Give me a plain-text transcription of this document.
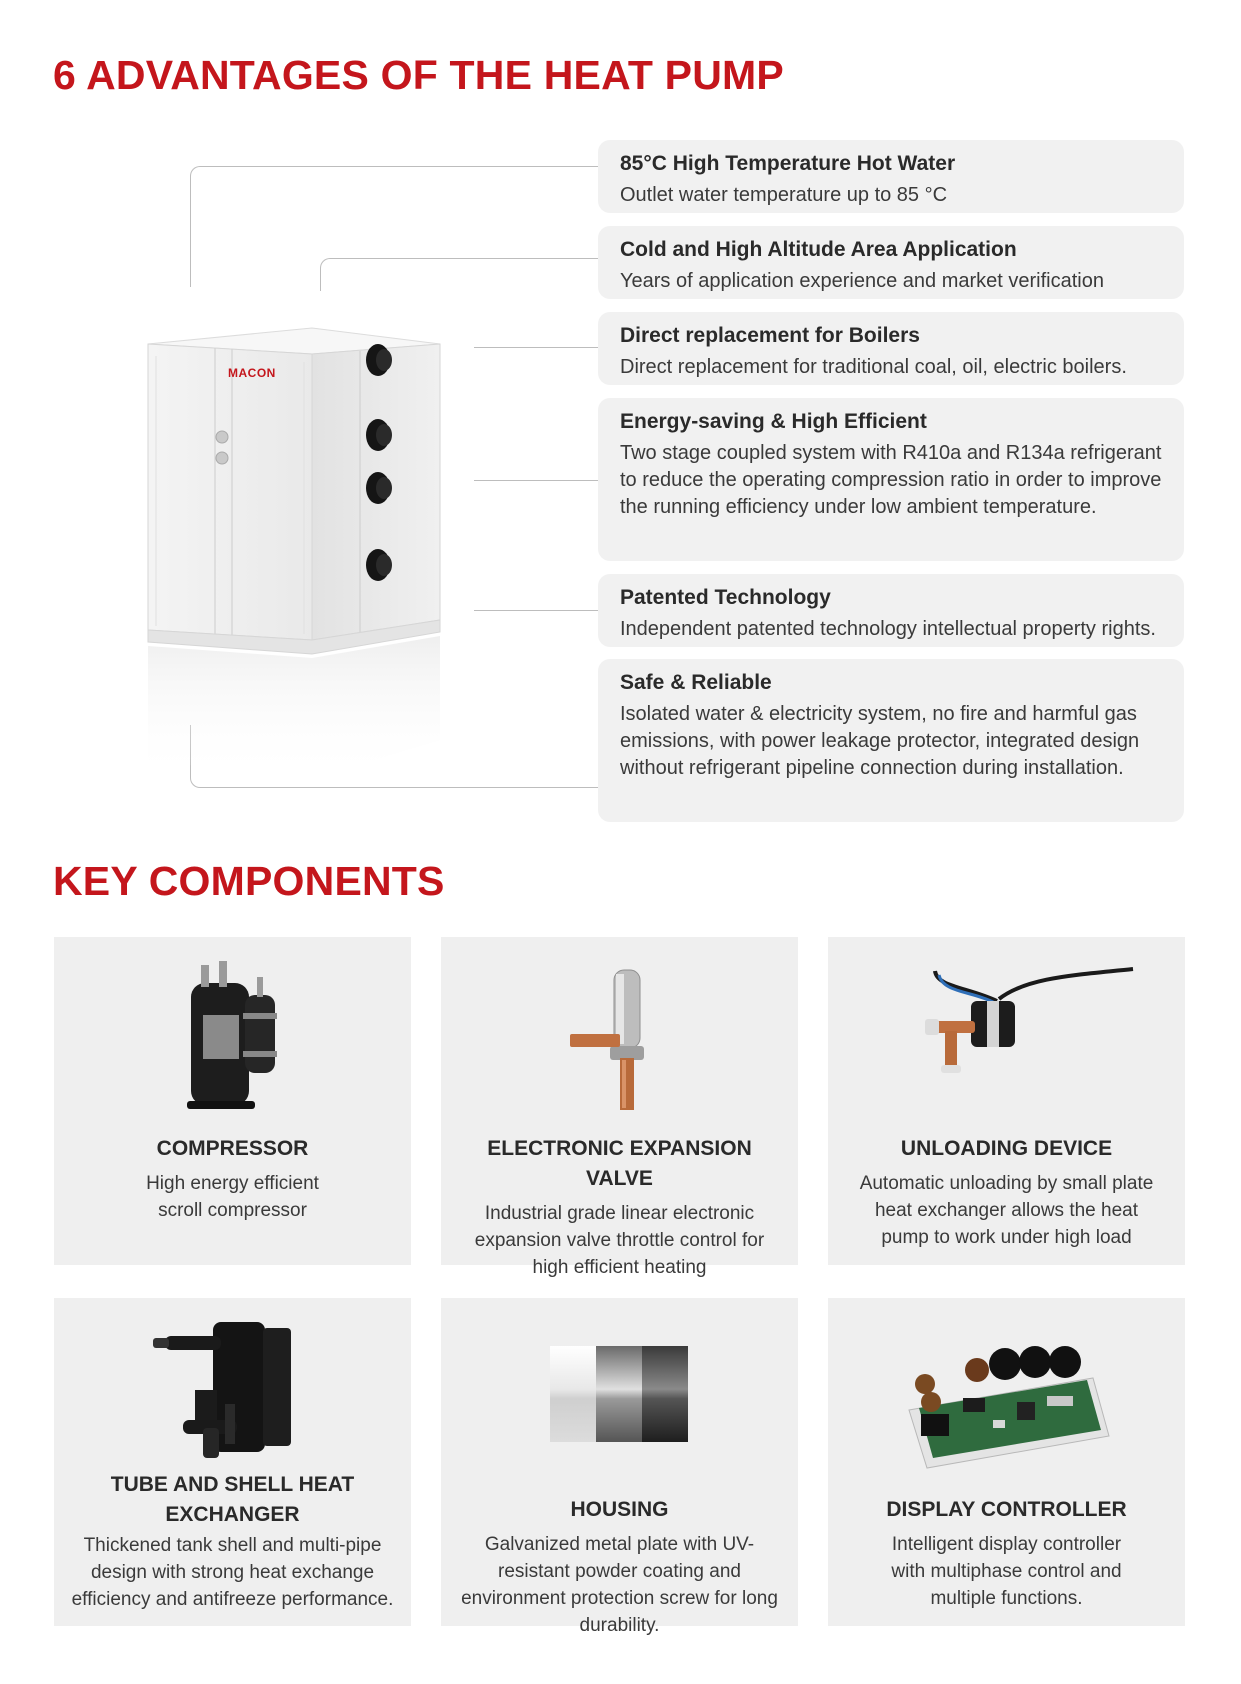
6 ADVANTAGES OF THE HEAT PUMP
MACON
85°C High Temperature Hot Water
Outlet water temperature up to 85 °C
Cold and High Altitude Area Application
Years of application experience and market verification
Direct replacement for Boilers
Direct replacement for traditional coal, oil, electric boilers.
Energy-saving & High Efficient
Two stage coupled system with R410a and R134a refrigerant to reduce the operating compression ratio in order to improve the running efficiency under low ambient temperature.
Patented Technology
Independent patented technology intellectual property rights.
Safe & Reliable
Isolated water & electricity system, no fire and harmful gas emissions, with power leakage protector, integrated design without refrigerant pipeline connection during installation.
KEY COMPONENTS
COMPRESSOR
High energy efficient scroll compressor
ELECTRONIC EXPANSION VALVE
Industrial grade linear electronic expansion valve throttle control for high efficient heating
UNLOADING DEVICE
Automatic unloading by small plate heat exchanger allows the heat pump to work under high load
TUBE AND SHELL HEAT EXCHANGER
Thickened tank shell and multi-pipe design with strong heat exchange efficiency and antifreeze performance.
HOUSING
Galvanized metal plate with UV-resistant powder coating and environment protection screw for long durability.
DISPLAY CONTROLLER
Intelligent display controller with multiphase control and multiple functions.
